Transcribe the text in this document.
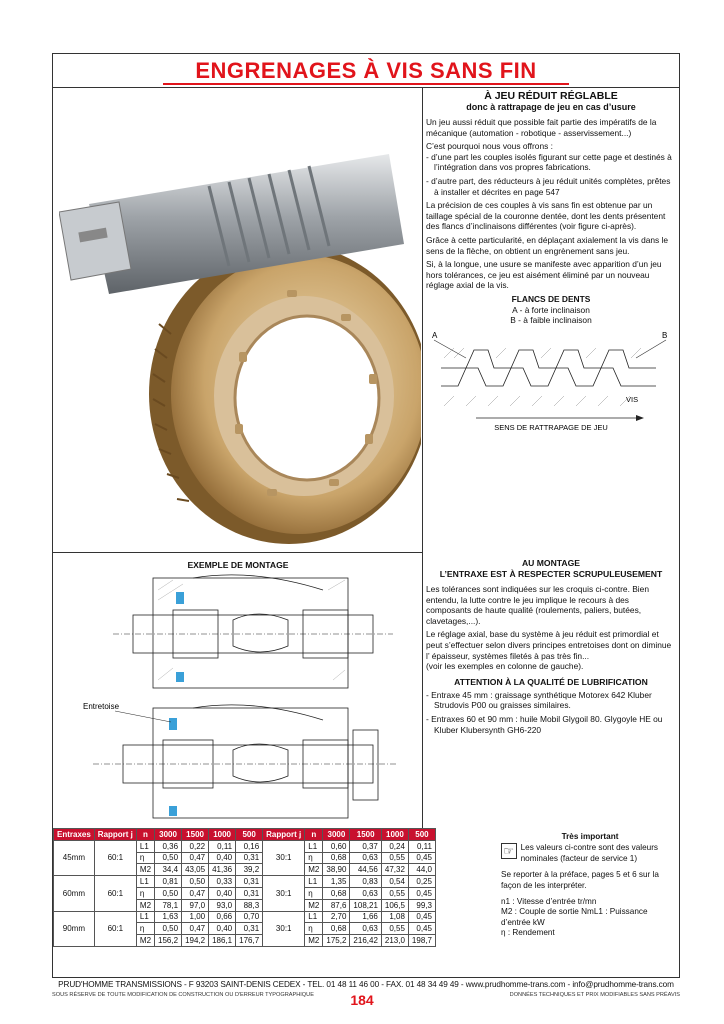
ENGRENAGES À VIS SANS FIN
À JEU RÉDUIT RÉGLABLE
donc à rattrapage de jeu en cas d’usure

Un jeu aussi réduit que possible fait partie des impératifs de la mécanique (automation - robotique - asservissement...)

C’est pourquoi nous vous offrons :

- d’une part les couples isolés figurant sur cette page et destinés à l’intégration dans vos propres fabrications.

- d’autre part, des réducteurs à jeu réduit unités complètes, prêtes à installer et décrites en page 547

La précision de ces couples à vis sans fin est obtenue par un taillage spécial de la couronne dentée, dont les dents présentent des flancs d’inclinaisons différentes (voir figure ci-après).

Grâce à cette particularité, en déplaçant axialement la vis dans le sens de la flèche, on obtient un engrènement sans jeu.

Si, à la longue, une usure se manifeste avec apparition d’un jeu hors tolérances, ce jeu est aisément éliminé par un nouveau réglage axial de la vis.

FLANCS DE DENTS
A - à forte inclinaison
B - à faible inclinaison
A	B
VIS
SENS DE RATTRAPAGE DE JEU
EXEMPLE DE MONTAGE
Entretoise
AU MONTAGE
L’ENTRAXE EST À RESPECTER SCRUPULEUSEMENT

Les tolérances sont indiquées sur les croquis ci-contre. Bien entendu, la lutte contre le jeu implique le recours à des composants de haute qualité (roulements, paliers, butées, clavetages,...).

Le réglage axial, base du système à jeu réduit est primordial et peut s’effectuer selon divers principes entretoises dont on diminue l’ épaisseur, systèmes filetés à pas très fin...

(voir les exemples en colonne de gauche).

ATTENTION À LA QUALITÉ DE LUBRIFICATION

- Entraxe 45 mm : graissage synthétique Motorex 642 Kluber Strudovis P00 ou graisses similaires.

- Entraxes 60 et 90 mm : huile Mobil Glygoil 80. Glygoyle HE ou Kluber Klubersynth GH6-220

Entraxes	Rapport j	n	3000	1500	1000	500	Rapport j	n	3000	1500	1000	500
45mm	60:1	L1	0,36	0,22	0,11	0,16	30:1	L1	0,60	0,37	0,24	0,11
		η	0,50	0,47	0,40	0,31		η	0,68	0,63	0,55	0,45
		M2	34,4	43,05	41,36	39,2		M2	38,90	44,56	47,32	44,0
60mm	60:1	L1	0,81	0,50	0,33	0,31	30:1	L1	1,35	0,83	0,54	0,25
		η	0,50	0,47	0,40	0,31		η	0,68	0,63	0,55	0,45
		M2	78,1	97,0	93,0	88,3		M2	87,6	108,21	106,5	99,3
90mm	60:1	L1	1,63	1,00	0,66	0,70	30:1	L1	2,70	1,66	1,08	0,45
		η	0,50	0,47	0,40	0,31		η	0,68	0,63	0,55	0,45
		M2	156,2	194,2	186,1	176,7		M2	175,2	216,42	213,0	198,7
Très important
☞ Les valeurs ci-contre sont des valeurs nominales (facteur de service 1)
Se reporter à la préface, pages 5 et 6 sur la façon de les interpréter.
n1 : Vitesse d’entrée tr/mn
M2 : Couple de sortie NmL1 : Puissance d’entrée kW
η : Rendement
PRUD'HOMME TRANSMISSIONS - F 93203 SAINT-DENIS CEDEX - TEL. 01 48 11 46 00 - FAX. 01 48 34 49 49 - www.prudhomme-trans.com - info@prudhomme-trans.com
SOUS RÉSERVE DE TOUTE MODIFICATION DE CONSTRUCTION OU D'ERREUR TYPOGRAPHIQUE	DONNÉES TECHNIQUES ET PRIX MODIFIABLES SANS PRÉAVIS
184
